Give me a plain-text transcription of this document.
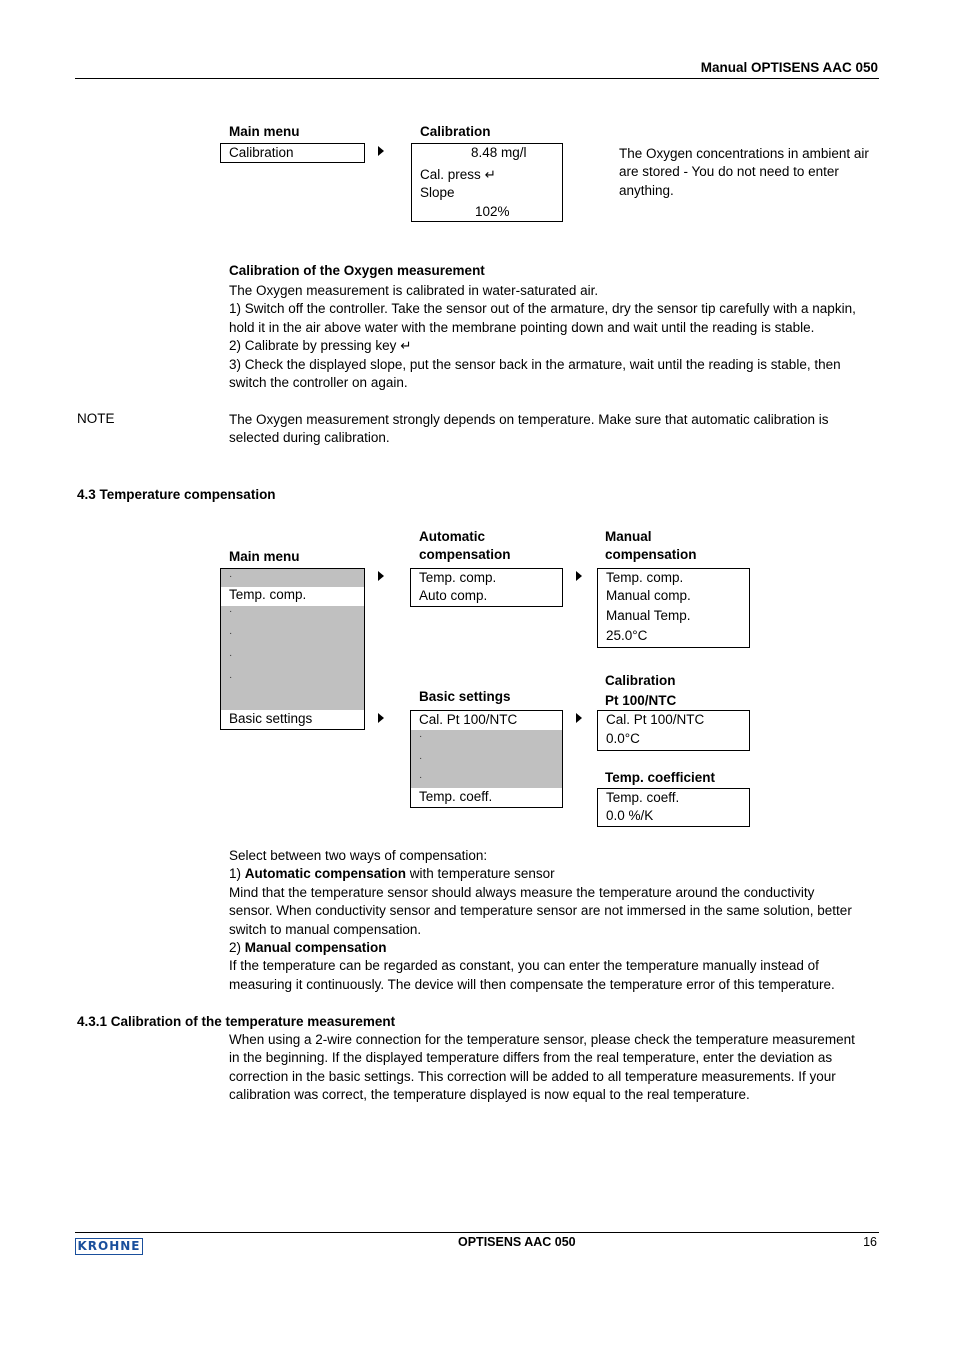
Manual OPTISENS AAC 050
Main menu
Calibration
Calibration
8.48 mg/l
Cal. press ↵
Slope
102%
The Oxygen concentrations in ambient air are stored - You do not need to enter anything.
Calibration of the Oxygen measurement

The Oxygen measurement is calibrated in water-saturated air.

1) Switch off the controller. Take the sensor out of the armature, dry the sensor tip carefully with a napkin, hold it in the air above water with the membrane pointing down and wait until the reading is stable.

2) Calibrate by pressing key ↵

3) Check the displayed slope, put the sensor back in the armature, wait until the reading is stable, then switch the controller on again.

NOTE	The Oxygen measurement strongly depends on temperature. Make sure that automatic calibration is selected during calibration.
4.3 Temperature compensation
Main menu
·
Temp. comp.
·
·
·
·
Basic settings
Automatic
compensation
Temp. comp.
Auto comp.
Manual
compensation
Temp. comp.
Manual comp.
Manual Temp.
25.0°C
Basic settings
Cal. Pt 100/NTC
·
·
·
Temp. coeff.
Calibration
Pt 100/NTC
Cal. Pt 100/NTC
0.0°C
Temp. coefficient
Temp. coeff.
0.0 %/K

Select between two ways of compensation:

1) Automatic compensation with temperature sensor

Mind that the temperature sensor should always measure the temperature around the conductivity sensor. When conductivity sensor and temperature sensor are not immersed in the same solution, better switch to manual compensation.

2) Manual compensation

If the temperature can be regarded as constant, you can enter the temperature manually instead of measuring it continuously. The device will then compensate the temperature error of this temperature.

4.3.1 Calibration of the temperature measurement
When using a 2-wire connection for the temperature sensor, please check the temperature measurement in the beginning. If the displayed temperature differs from the real temperature, enter the deviation as correction in the basic settings. This correction will be added to all temperature measurements. If your calibration was correct, the temperature displayed is now equal to the real temperature.
KROHNE	OPTISENS AAC 050	16
